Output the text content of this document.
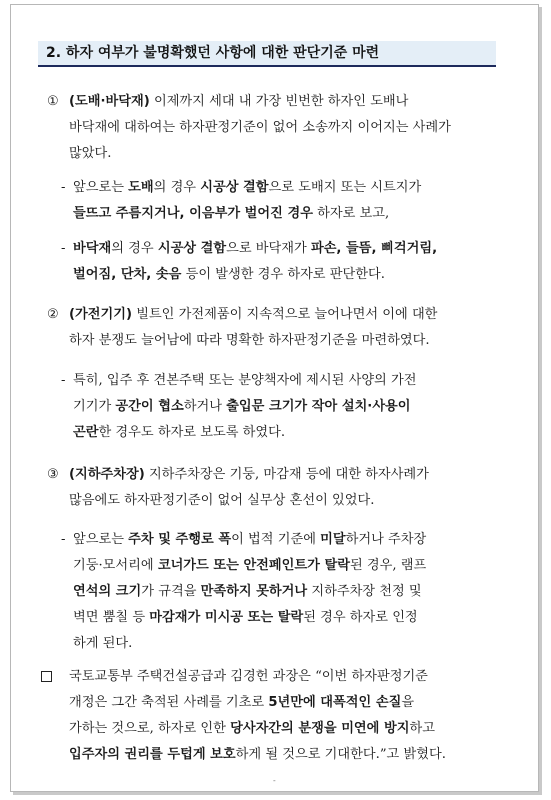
2. 하자 여부가 불명확했던 사항에 대한 판단기준 마련
① (도배·바닥재) 이제까지 세대 내 가장 빈번한 하자인 도배나
바닥재에 대하여는 하자판정기준이 없어 소송까지 이어지는 사례가
많았다.
- 앞으로는 도배의 경우 시공상 결함으로 도배지 또는 시트지가
들뜨고 주름지거나, 이음부가 벌어진 경우 하자로 보고,
- 바닥재의 경우 시공상 결함으로 바닥재가 파손, 들뜸, 삐걱거림,
벌어짐, 단차, 솟음 등이 발생한 경우 하자로 판단한다.
② (가전기기) 빌트인 가전제품이 지속적으로 늘어나면서 이에 대한
하자 분쟁도 늘어남에 따라 명확한 하자판정기준을 마련하였다.
- 특히, 입주 후 견본주택 또는 분양책자에 제시된 사양의 가전
기기가 공간이 협소하거나 출입문 크기가 작아 설치·사용이
곤란한 경우도 하자로 보도록 하였다.
③ (지하주차장) 지하주차장은 기둥, 마감재 등에 대한 하자사례가
많음에도 하자판정기준이 없어 실무상 혼선이 있었다.
- 앞으로는 주차 및 주행로 폭이 법적 기준에 미달하거나 주차장
기둥·모서리에 코너가드 또는 안전페인트가 탈락된 경우, 램프
연석의 크기가 규격을 만족하지 못하거나 지하주차장 천정 및
벽면 뿜칠 등 마감재가 미시공 또는 탈락된 경우 하자로 인정
하게 된다.
국토교통부 주택건설공급과 김경헌 과장은 “이번 하자판정기준
개정은 그간 축적된 사례를 기초로 5년만에 대폭적인 손질을
가하는 것으로, 하자로 인한 당사자간의 분쟁을 미연에 방지하고
입주자의 권리를 두텁게 보호하게 될 것으로 기대한다.”고 밝혔다.
-
